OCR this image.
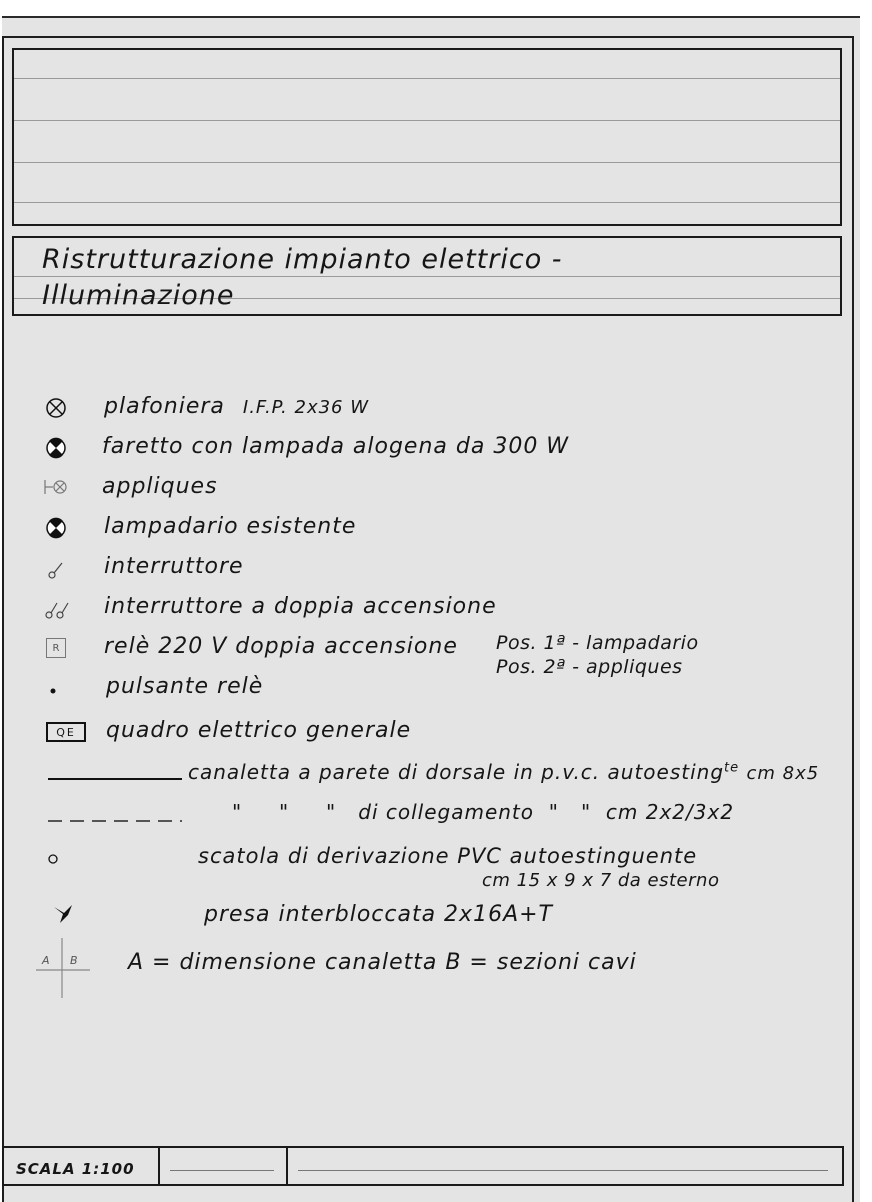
Ristrutturazione impianto elettrico -
Illuminazione
plafoniera I.F.P. 2x36 W
faretto con lampada alogena da 300 W
appliques
lampadario esistente
interruttore
interruttore a doppia accensione
R relè 220 V doppia accensione Pos. 1ª - lampadario
Pos. 2ª - appliques
pulsante relè
QE	quadro elettrico generale
canaletta a parete di dorsale in p.v.c. autoesting$^{te}$ cm 8x5
"     "     "   di collegamento  "   "  cm 2x2/3x2
scatola di derivazione PVC autoestinguente
cm 15 x 9 x 7 da esterno
presa interbloccata 2x16A+T
A B A = dimensione canaletta B = sezioni cavi
SCALA 1:100
